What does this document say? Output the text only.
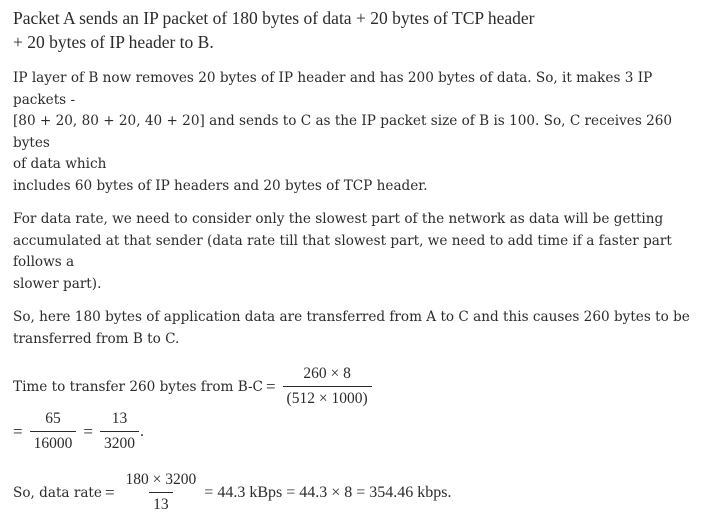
Packet A sends an IP packet of 180 bytes of data + 20 bytes of TCP header

+ 20 bytes of IP header to B.

IP layer of B now removes 20 bytes of IP header and has 200 bytes of data. So, it makes 3 IP packets -

[80 + 20, 80 + 20, 40 + 20] and sends to C as the IP packet size of B is 100. So, C receives 260 bytes

of data which

includes 60 bytes of IP headers and 20 bytes of TCP header.

For data rate, we need to consider only the slowest part of the network as data will be getting

accumulated at that sender (data rate till that slowest part, we need to add time if a faster part follows a

slower part).

So, here 180 bytes of application data are transferred from A to C and this causes 260 bytes to be

transferred from B to C.

Time to transfer 260 bytes from $B-C = \frac{260 \times 8}{(512 \times 1000)}$
= $\frac{65}{16000} = \frac{13}{3200}$ .
So, data rate = $\frac{180 \times 3200}{13} = 44.3$ kBps = 44.3 × 8 = 354.46 kbps.
